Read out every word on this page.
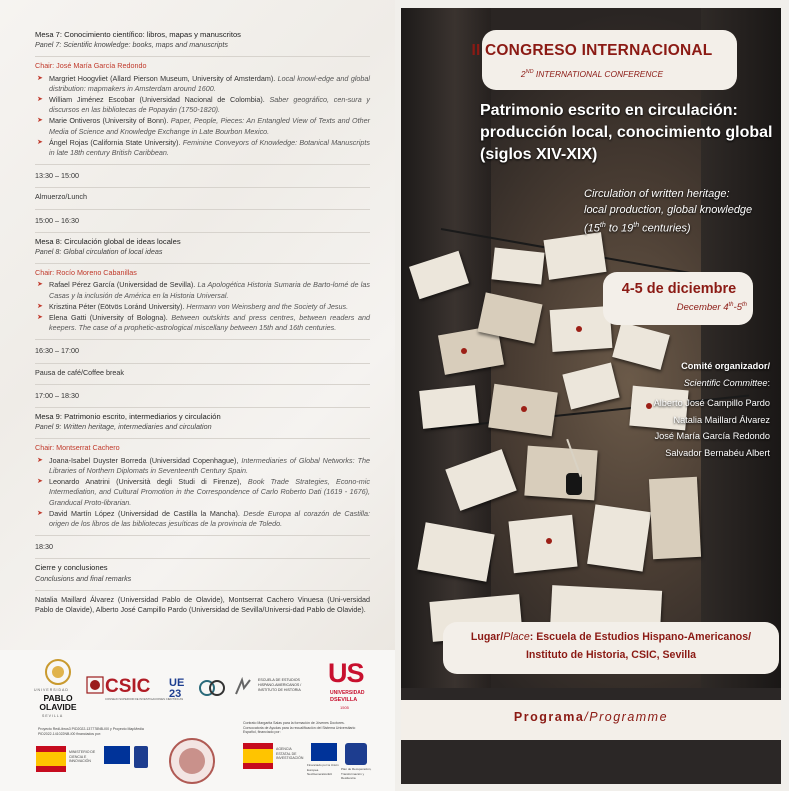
Mesa 7: Conocimiento científico: libros, mapas y manuscritos
Panel 7: Scientific knowledge: books, maps and manuscripts
Chair: José María García Redondo
➤ Margriet Hoogvliet (Allard Pierson Museum, University of Amsterdam). Local knowl-edge and global distribution: mapmakers in Amsterdam around 1600.
➤ William Jiménez Escobar (Universidad Nacional de Colombia). Saber geográfico, cen-sura y discursos en las bibliotecas de Popayán (1750-1820).
➤ Marie Ontiveros (University of Bonn). Paper, People, Pieces: An Entangled View of Texts and Other Media of Science and Knowledge Exchange in Late Bourbon Mexico.
➤ Ángel Rojas (California State University). Feminine Conveyors of Knowledge: Botanical Manuscripts in late 18th century British Caribbean.
13:30 – 15:00
Almuerzo/Lunch
15:00 – 16:30
Mesa 8: Circulación global de ideas locales
Panel 8: Global circulation of local ideas
Chair: Rocío Moreno Cabanillas
➤ Rafael Pérez García (Universidad de Sevilla). La Apologética Historia Sumaria de Barto-lomé de las Casas y la inclusión de América en la Historia Universal.
➤ Krisztina Péter (Eötvös Loránd University). Hermann von Weinsberg and the Society of Jesus.
➤ Elena Gatti (University of Bologna). Between outskirts and press centres, between readers and keepers. The case of a prophetic-astrological miscellany between 15th and 16th centuries.
16:30 – 17:00
Pausa de café/Coffee break
17:00 – 18:30
Mesa 9: Patrimonio escrito, intermediarios y circulación
Panel 9: Written heritage, intermediaries and circulation
Chair: Montserrat Cachero
➤ Joana-Isabel Duyster Borreda (Universidad Copenhague), Intermediaries of Global Networks: The Libraries of Northern Diplomats in Seventeenth Century Spain.
➤ Leonardo Anatrini (Università degli Studi di Firenze), Book Trade Strategies, Econo-mic Intermediation, and Cultural Promotion in the Correspondence of Carlo Roberto Dati (1619 - 1676), Granducal Proto-librarian.
➤ David Martín López (Universidad de Castilla la Mancha). Desde Europa al corazón de Castilla: origen de los libros de las bibliotecas jesuíticas de la provincia de Toledo.
18:30
Cierre y conclusiones
Conclusions and final remarks
Natalia Maillard Álvarez (Universidad Pablo de Olavide), Montserrat Cachero Vinuesa (Uni-versidad Pablo de Olavide), Alberto José Campillo Pardo (Universidad de Sevilla/Universi-dad Pablo de Olavide).
UNIVERSIDAD
PABLO OLAVIDE
SEVILLA
CSIC
CONSEJO SUPERIOR DE INVESTIGACIONES CIENTÍFICAS
UE 23
ESCUELA DE ESTUDIOS HISPANO-AMERICANOS / INSTITUTO DE HISTORIA
US
UNIVERSIDAD
DSEVILLA
1505
Proyecto RedLibros3 PID2022-137778NB-I00 y Proyecto MapMedia PID2022-141022NB-I00 financiados por:
Contrato Margarita Salas para la formación de Jóvenes Doctores. Convocatoria de Ayudas para la recualificación del Sistema Universitario Español, financiado por:
MINISTERIO DE CIENCIA E INNOVACIÓN
AGENCIA ESTATAL DE INVESTIGACIÓN
Financiado por la Unión Europea NextGenerationEU
Plan de Recuperación, Transformación y Resiliencia
II CONGRESO INTERNACIONAL
2ND INTERNATIONAL CONFERENCE
Patrimonio escrito en circulación: producción local, conocimiento global (siglos XIV-XIX)
Circulation of written heritage:
local production, global knowledge
(15th to 19th centuries)
4-5 de diciembre
December 4th-5th
Comité organizador/
Scientific Committee:
Alberto José Campillo Pardo
Natalia Maillard Álvarez
José María García Redondo
Salvador Bernabéu Albert
Lugar/Place: Escuela de Estudios Hispano-Americanos/
Instituto de Historia, CSIC, Sevilla
Programa/Programme
